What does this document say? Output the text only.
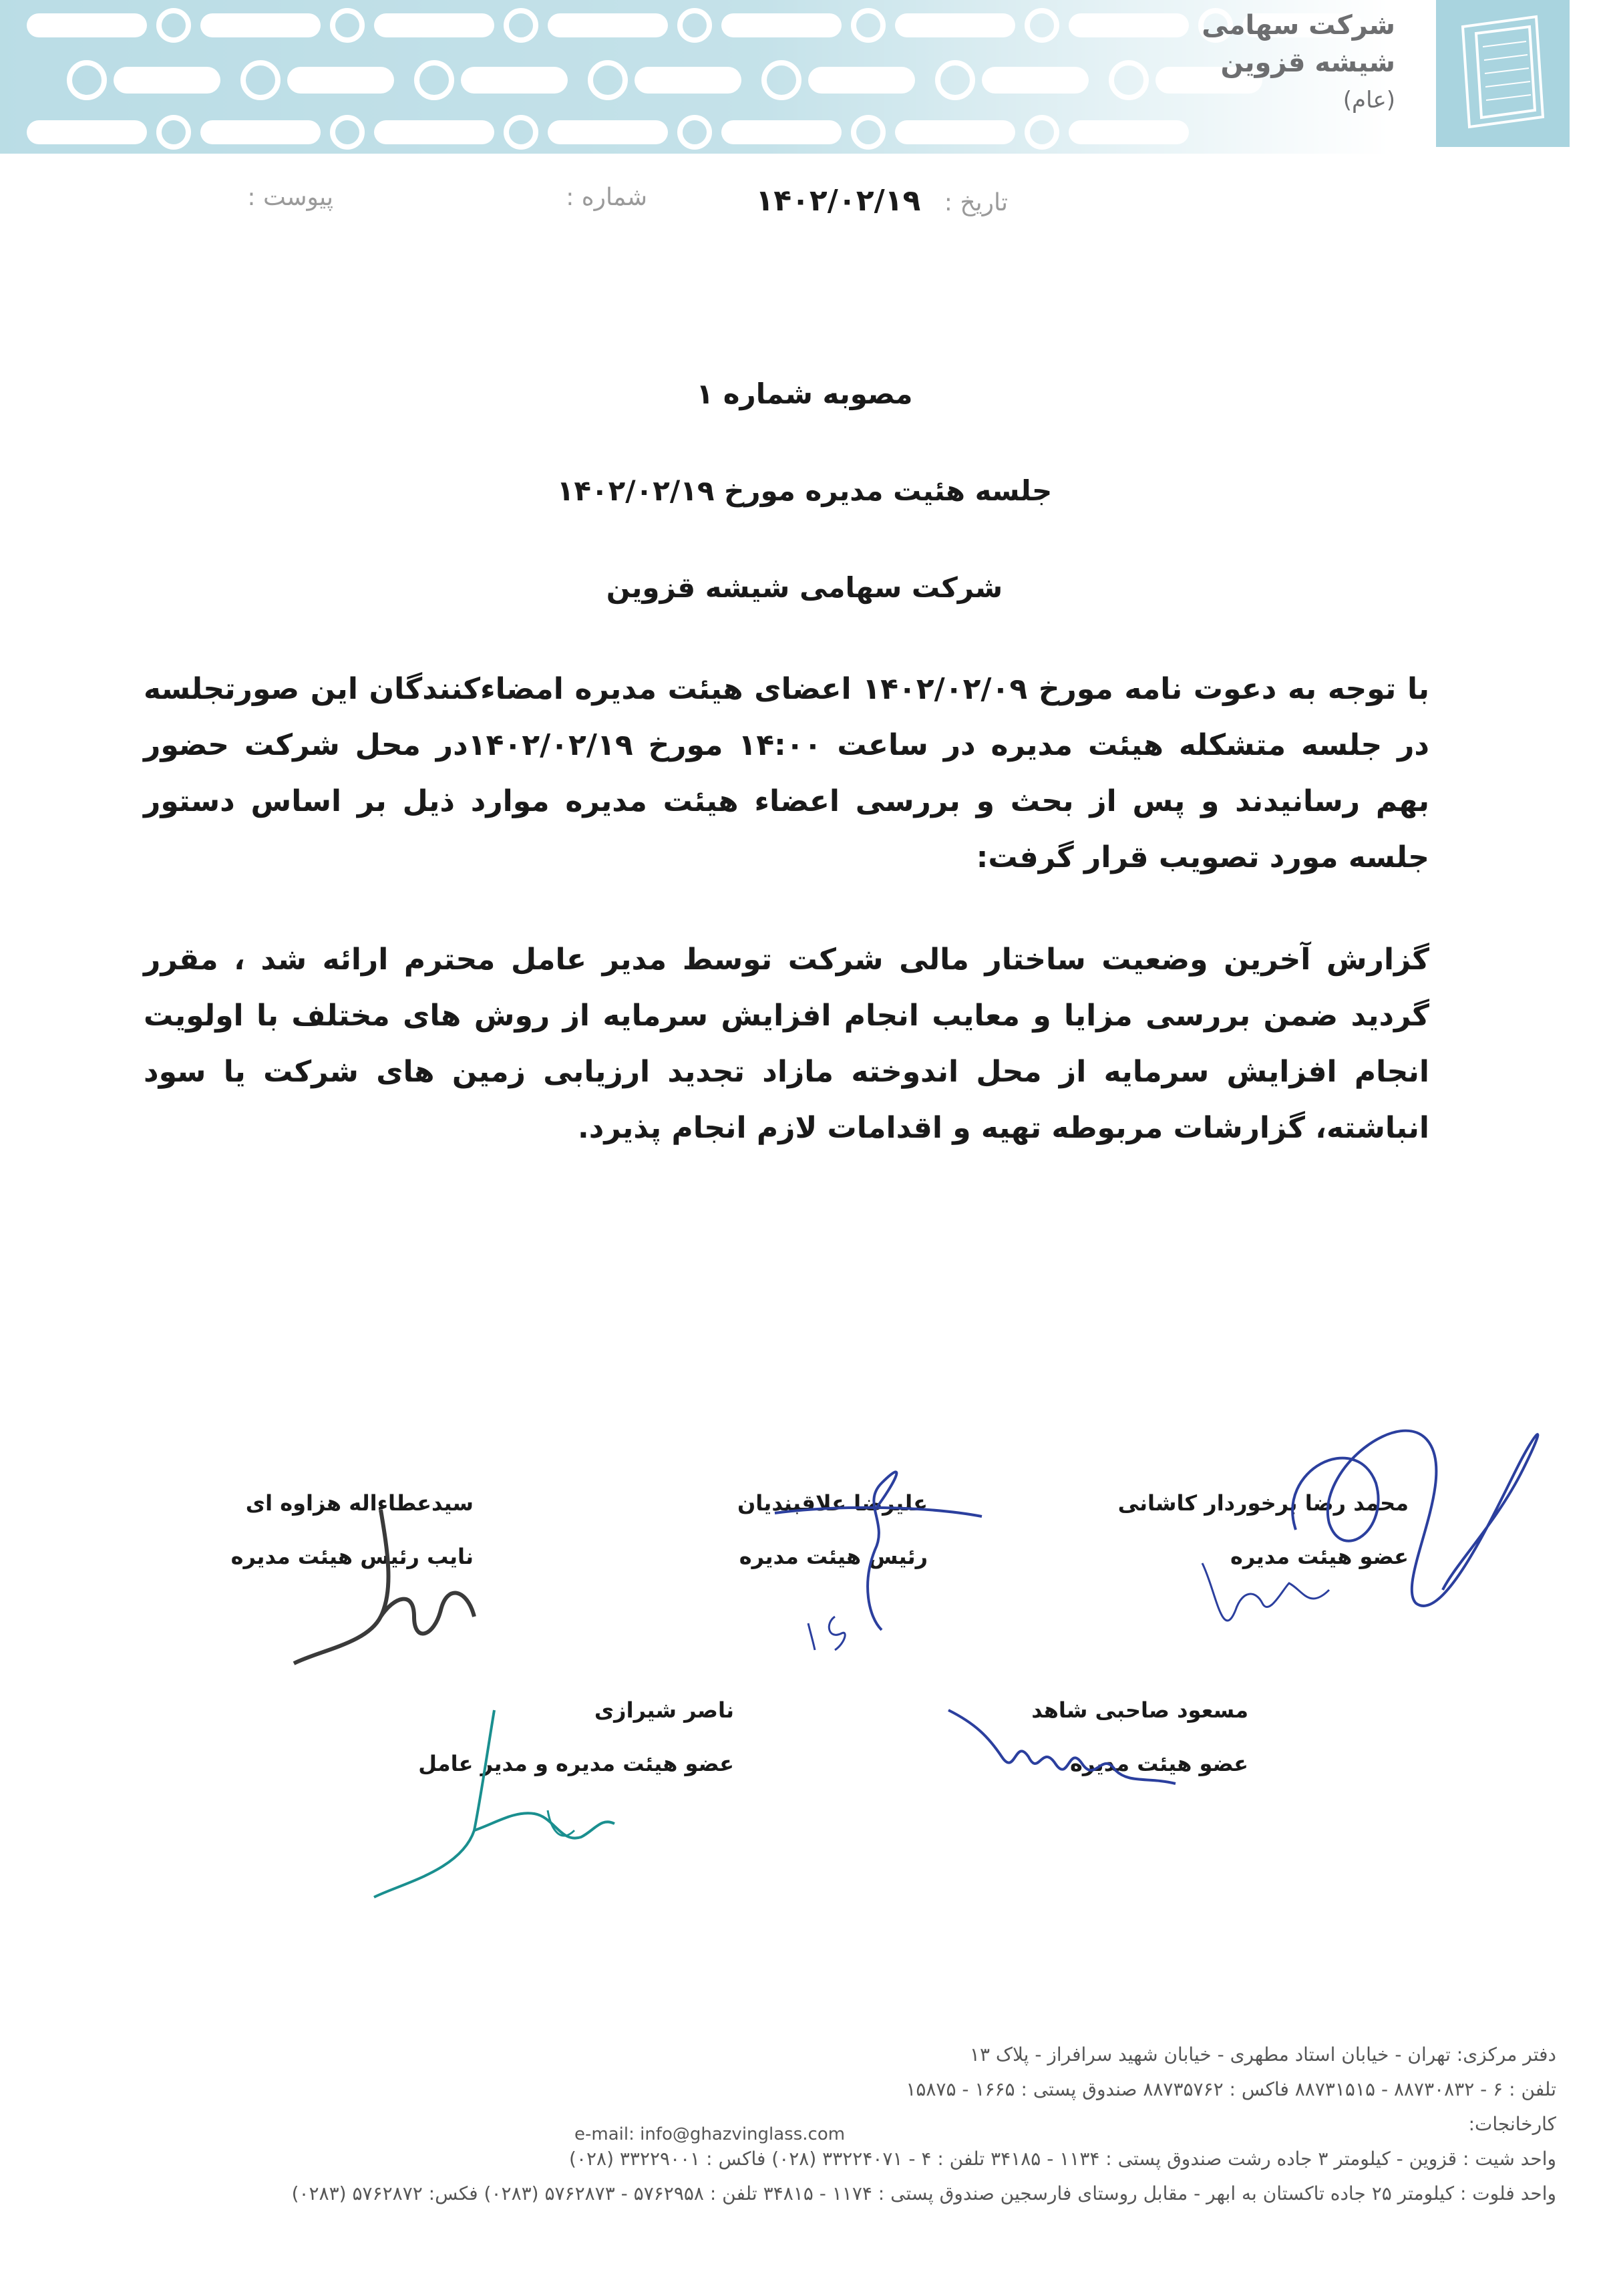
شرکت سهامی
شیشه قزوین
(عام)
تاریخ : ۱۴۰۲/۰۲/۱۹
شماره :
پیوست :
مصوبه شماره ۱
جلسه هئیت مدیره مورخ ۱۴۰۲/۰۲/۱۹
شرکت سهامی شیشه قزوین
با توجه به دعوت نامه مورخ ۱۴۰۲/۰۲/۰۹ اعضای هیئت مدیره امضاءکنندگان این صورتجلسه در جلسه متشکله هیئت مدیره در ساعت ۱۴:۰۰ مورخ ۱۴۰۲/۰۲/۱۹در محل شرکت حضور بهم رسانیدند و پس از بحث و بررسی اعضاء هیئت مدیره موارد ذیل بر اساس دستور جلسه مورد تصویب قرار گرفت:
گزارش آخرین وضعیت ساختار مالی شرکت توسط مدیر عامل محترم ارائه شد ، مقرر گردید ضمن بررسی مزایا و معایب انجام افزایش سرمایه از روش های مختلف با اولویت انجام افزایش سرمایه از محل اندوخته مازاد تجدید ارزیابی زمین های شرکت یا سود انباشته، گزارشات مربوطه تهیه و اقدامات لازم انجام پذیرد.
محمد رضا برخوردار کاشانی
عضو هیئت مدیره
علیرضا علاقبندیان
رئیس هیئت مدیره
سیدعطاءاله هزاوه ای
نایب رئیس هیئت مدیره
مسعود صاحبی شاهد
عضو هیئت مدیره
ناصر شیرازی
عضو هیئت مدیره و مدیر عامل
دفتر مرکزی: تهران - خیابان استاد مطهری - خیابان شهید سرافراز - پلاک ۱۳
تلفن : ۶ - ۸۸۷۳۰۸۳۲ - ۸۸۷۳۱۵۱۵ فاکس : ۸۸۷۳۵۷۶۲ صندوق پستی : ۱۶۶۵ - ۱۵۸۷۵
کارخانجات:
واحد شیت : قزوین - کیلومتر ۳ جاده رشت صندوق پستی : ۱۱۳۴ - ۳۴۱۸۵ تلفن : ۴ - ۳۳۲۲۴۰۷۱ (۰۲۸) فاکس : ۳۳۲۲۹۰۰۱ (۰۲۸)
واحد فلوت : کیلومتر ۲۵ جاده تاکستان به ابهر - مقابل روستای فارسجین صندوق پستی : ۱۱۷۴ - ۳۴۸۱۵ تلفن : ۵۷۶۲۹۵۸ - ۵۷۶۲۸۷۳ (۰۲۸۳) فکس: ۵۷۶۲۸۷۲ (۰۲۸۳)
e-mail: info@ghazvinglass.com
